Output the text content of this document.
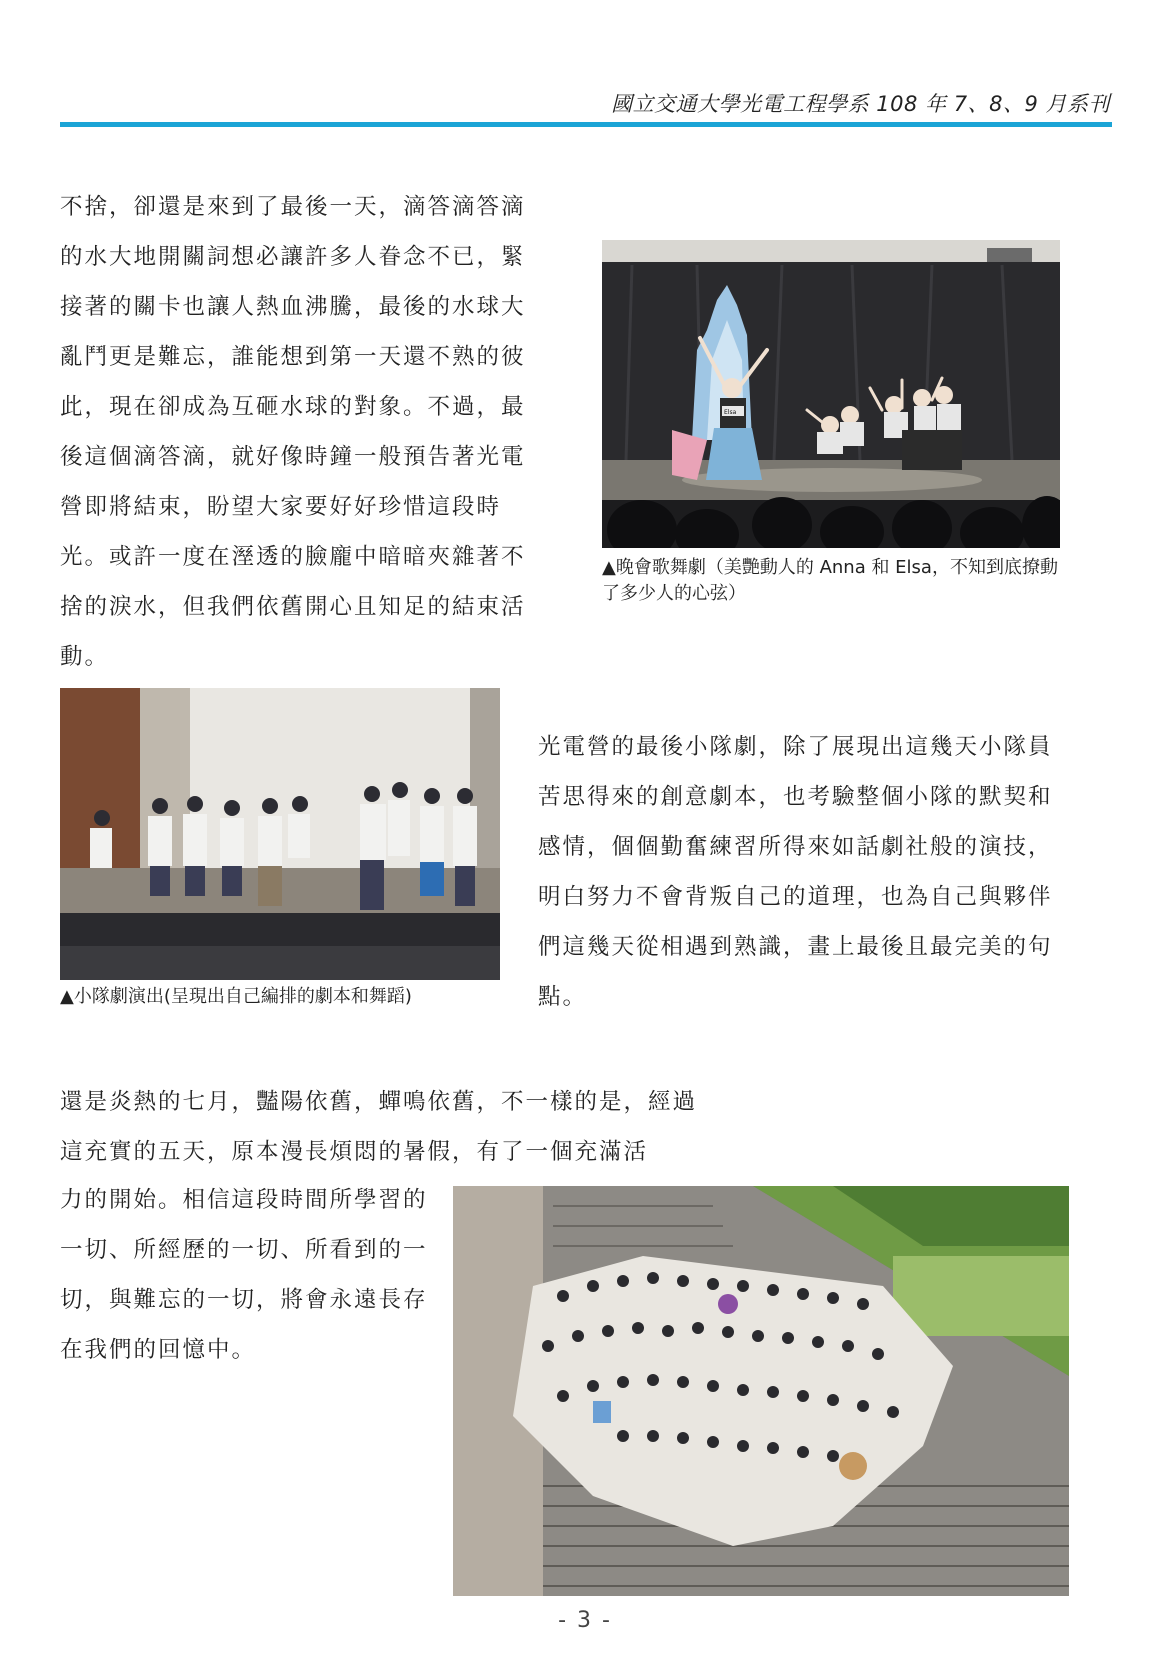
國立交通大學光電工程學系 108 年 7、8、9 月系刊

不捨，卻還是來到了最後一天，滴答滴答滴的水大地開關詞想必讓許多人眷念不已，緊接著的關卡也讓人熱血沸騰，最後的水球大亂鬥更是難忘，誰能想到第一天還不熟的彼此，現在卻成為互砸水球的對象。不過，最後這個滴答滴，就好像時鐘一般預告著光電營即將結束，盼望大家要好好珍惜這段時光。或許一度在溼透的臉龐中暗暗夾雜著不捨的淚水，但我們依舊開心且知足的結束活動。

Elsa

▲晚會歌舞劇（美艷動人的 Anna 和 Elsa，不知到底撩動了多少人的心弦）

▲小隊劇演出(呈現出自己編排的劇本和舞蹈)

光電營的最後小隊劇，除了展現出這幾天小隊員苦思得來的創意劇本，也考驗整個小隊的默契和感情，個個勤奮練習所得來如話劇社般的演技，明白努力不會背叛自己的道理，也為自己與夥伴們這幾天從相遇到熟識，畫上最後且最完美的句點。

還是炎熱的七月，豔陽依舊，蟬鳴依舊，不一樣的是，經過這充實的五天，原本漫長煩悶的暑假，有了一個充滿活

力的開始。相信這段時間所學習的一切、所經歷的一切、所看到的一切，與難忘的一切，將會永遠長存在我們的回憶中。

- 3 -
